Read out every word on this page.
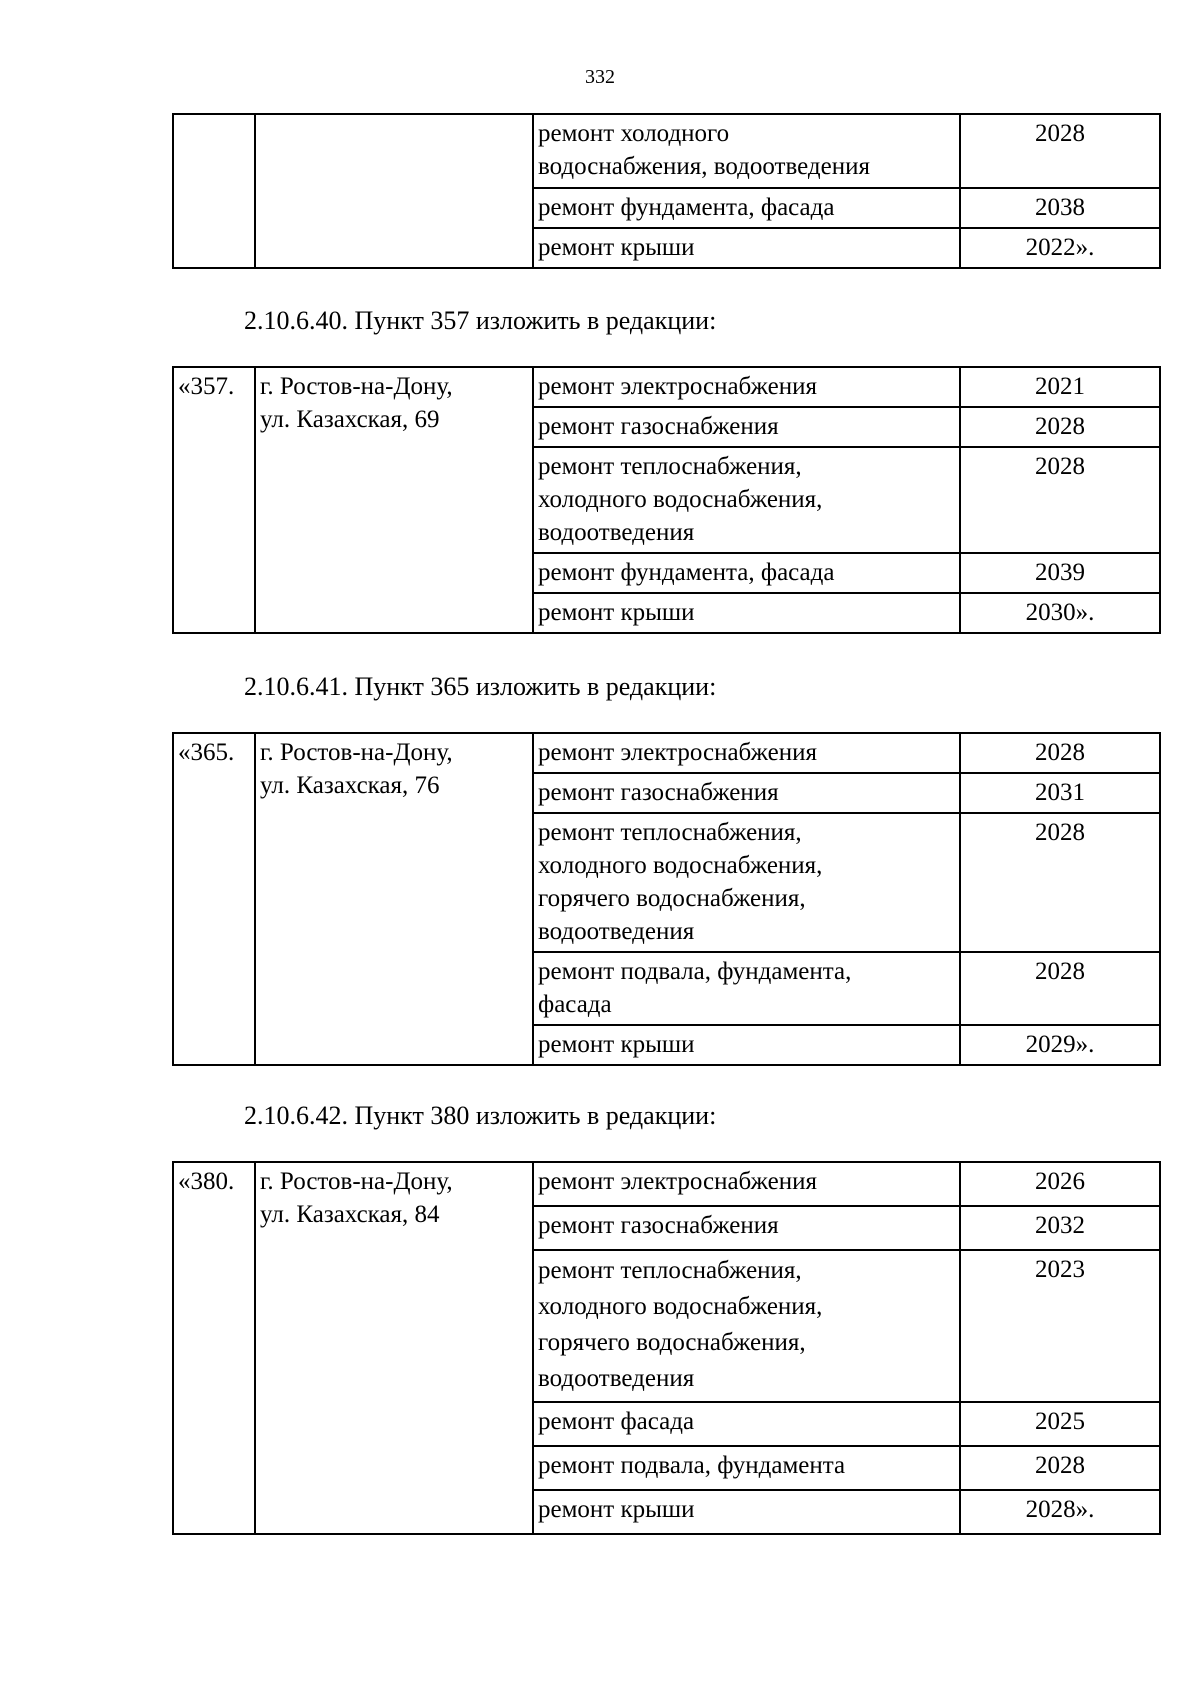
332

		ремонт холодного
водоснабжения, водоотведения	2028

		ремонт фундамента, фасада	2038

		ремонт крыши	2022».
2.10.6.40. Пункт 357 изложить в редакции:
«357.	г. Ростов-на-Дону,
ул. Казахская, 69	ремонт электроснабжения	2021

		ремонт газоснабжения	2028

		ремонт теплоснабжения,
холодного водоснабжения,
водоотведения	2028

		ремонт фундамента, фасада	2039

		ремонт крыши	2030».
2.10.6.41. Пункт 365 изложить в редакции:
«365.	г. Ростов-на-Дону,
ул. Казахская, 76	ремонт электроснабжения	2028

		ремонт газоснабжения	2031

		ремонт теплоснабжения,
холодного водоснабжения,
горячего водоснабжения,
водоотведения	2028

		ремонт подвала, фундамента,
фасада	2028

		ремонт крыши	2029».
2.10.6.42. Пункт 380 изложить в редакции:
«380.	г. Ростов-на-Дону,
ул. Казахская, 84	ремонт электроснабжения	2026

		ремонт газоснабжения	2032

		ремонт теплоснабжения,
холодного водоснабжения,
горячего водоснабжения,
водоотведения	2023

		ремонт фасада	2025

		ремонт подвала, фундамента	2028

		ремонт крыши	2028».
